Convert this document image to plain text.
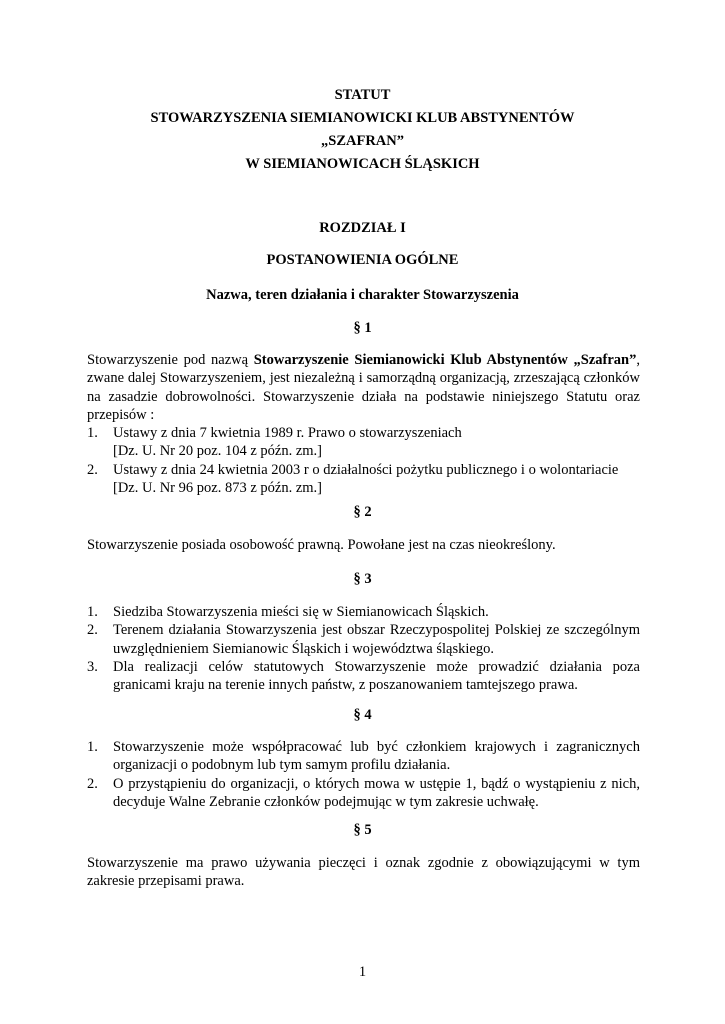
STATUT
STOWARZYSZENIA SIEMIANOWICKI KLUB ABSTYNENTÓW
„SZAFRAN”
W SIEMIANOWICACH ŚLĄSKICH
ROZDZIAŁ I
POSTANOWIENIA OGÓLNE
Nazwa, teren działania i charakter Stowarzyszenia
§ 1
Stowarzyszenie pod nazwą Stowarzyszenie Siemianowicki Klub Abstynentów „Szafran”, zwane dalej Stowarzyszeniem, jest niezależną i samorządną organizacją, zrzeszającą członków na zasadzie dobrowolności. Stowarzyszenie działa na podstawie niniejszego Statutu oraz przepisów :
1. Ustawy z dnia 7 kwietnia 1989 r. Prawo o stowarzyszeniach
[Dz. U. Nr 20 poz. 104 z późn. zm.]
2. Ustawy z dnia 24 kwietnia 2003 r o działalności pożytku publicznego i o wolontariacie
[Dz. U. Nr 96 poz. 873 z późn. zm.]
§ 2
Stowarzyszenie posiada osobowość prawną. Powołane jest na czas nieokreślony.
§ 3
1. Siedziba Stowarzyszenia mieści się w Siemianowicach Śląskich.
2. Terenem działania Stowarzyszenia jest obszar Rzeczypospolitej Polskiej ze szczególnym uwzględnieniem Siemianowic Śląskich i województwa śląskiego.
3. Dla realizacji celów statutowych Stowarzyszenie może prowadzić działania poza granicami kraju na terenie innych państw, z poszanowaniem tamtejszego prawa.
§ 4
1. Stowarzyszenie może współpracować lub być członkiem krajowych i zagranicznych organizacji o podobnym lub tym samym profilu działania.
2. O przystąpieniu do organizacji, o których mowa w ustępie 1, bądź o wystąpieniu z nich, decyduje Walne Zebranie członków podejmując w tym zakresie uchwałę.
§ 5
Stowarzyszenie ma prawo używania pieczęci i oznak zgodnie z obowiązującymi w tym zakresie przepisami prawa.
1
